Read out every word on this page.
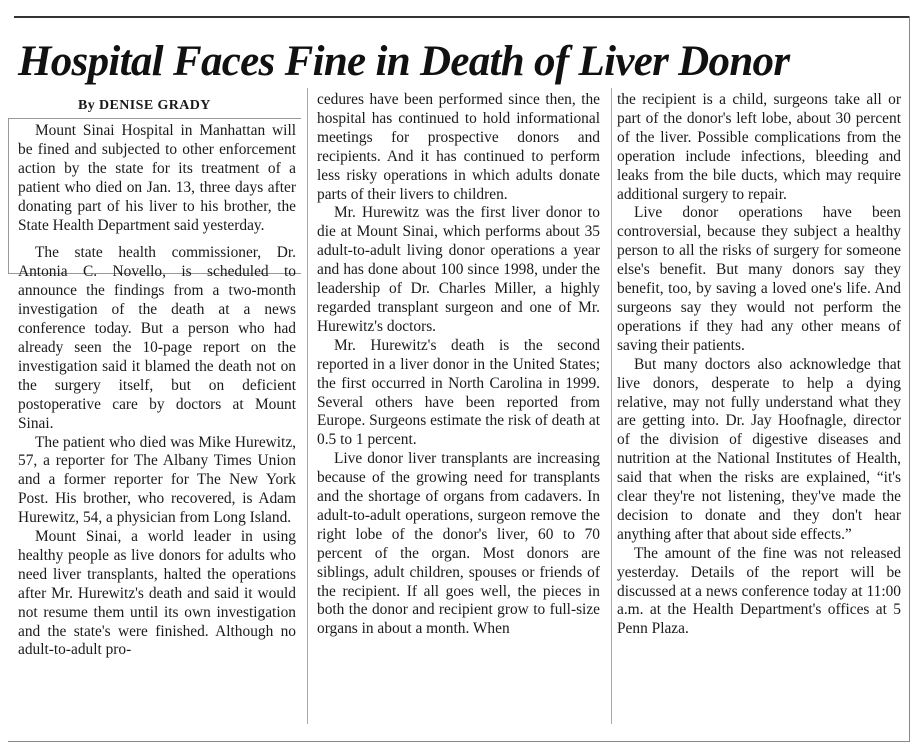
Hospital Faces Fine in Death of Liver Donor
By DENISE GRADY

Mount Sinai Hospital in Manhattan will be fined and subjected to other enforcement action by the state for its treatment of a patient who died on Jan. 13, three days after donating part of his liver to his brother, the State Health Department said yesterday.

The state health commissioner, Dr. Antonia C. Novello, is scheduled to announce the findings from a two-month investigation of the death at a news conference today. But a person who had already seen the 10-page report on the investigation said it blamed the death not on the surgery itself, but on deficient postoperative care by doctors at Mount Sinai.

The patient who died was Mike Hurewitz, 57, a reporter for The Albany Times Union and a former reporter for The New York Post. His brother, who recovered, is Adam Hurewitz, 54, a physician from Long Island.

Mount Sinai, a world leader in using healthy people as live donors for adults who need liver transplants, halted the operations after Mr. Hurewitz's death and said it would not resume them until its own investigation and the state's were finished. Although no adult-to-adult pro-

cedures have been performed since then, the hospital has continued to hold informational meetings for prospective donors and recipients. And it has continued to perform less risky operations in which adults donate parts of their livers to children.

Mr. Hurewitz was the first liver donor to die at Mount Sinai, which performs about 35 adult-to-adult living donor operations a year and has done about 100 since 1998, under the leadership of Dr. Charles Miller, a highly regarded transplant surgeon and one of Mr. Hurewitz's doctors.

Mr. Hurewitz's death is the second reported in a liver donor in the United States; the first occurred in North Carolina in 1999. Several others have been reported from Europe. Surgeons estimate the risk of death at 0.5 to 1 percent.

Live donor liver transplants are increasing because of the growing need for transplants and the shortage of organs from cadavers. In adult-to-adult operations, surgeon remove the right lobe of the donor's liver, 60 to 70 percent of the organ. Most donors are siblings, adult children, spouses or friends of the recipient. If all goes well, the pieces in both the donor and recipient grow to full-size organs in about a month. When

the recipient is a child, surgeons take all or part of the donor's left lobe, about 30 percent of the liver. Possible complications from the operation include infections, bleeding and leaks from the bile ducts, which may require additional surgery to repair.

Live donor operations have been controversial, because they subject a healthy person to all the risks of surgery for someone else's benefit. But many donors say they benefit, too, by saving a loved one's life. And surgeons say they would not perform the operations if they had any other means of saving their patients.

But many doctors also acknowledge that live donors, desperate to help a dying relative, may not fully understand what they are getting into. Dr. Jay Hoofnagle, director of the division of digestive diseases and nutrition at the National Institutes of Health, said that when the risks are explained, “it's clear they're not listening, they've made the decision to donate and they don't hear anything after that about side effects.”

The amount of the fine was not released yesterday. Details of the report will be discussed at a news conference today at 11:00 a.m. at the Health Department's offices at 5 Penn Plaza.
